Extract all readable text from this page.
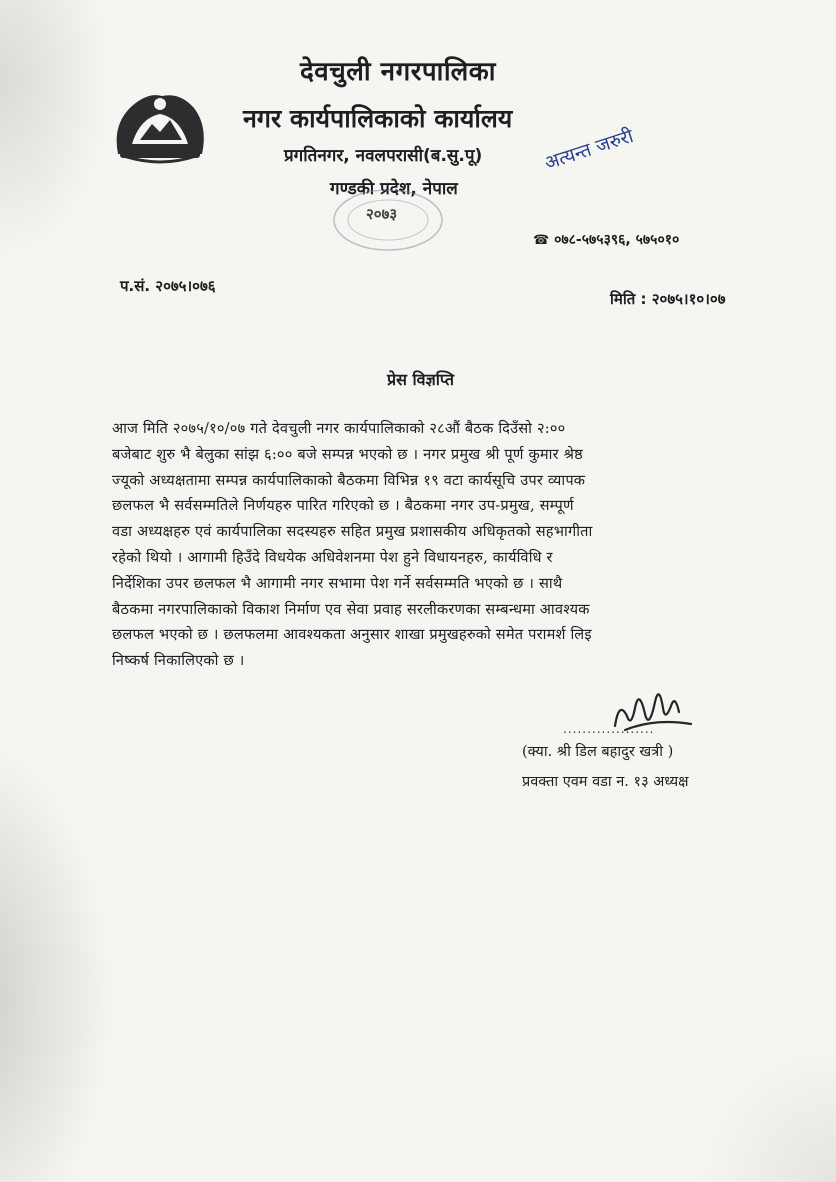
देवचुली नगरपालिका
नगर कार्यपालिकाको कार्यालय
प्रगतिनगर, नवलपरासी(ब.सु.पू)
गण्डकी प्रदेश, नेपाल
२०७३
अत्यन्त जरुरी
☎ ०७८-५७५३९६, ५७५०१०
प.सं. २०७५।०७६
मिति : २०७५।१०।०७
प्रेस विज्ञप्ति
आज मिति २०७५/१०/०७ गते देवचुली नगर कार्यपालिकाको २८औं बैठक दिउँसो २:००
बजेबाट शुरु भै बेलुका सांझ ६:०० बजे सम्पन्न भएको छ । नगर प्रमुख श्री पूर्ण कुमार श्रेष्ठ
ज्यूको अध्यक्षतामा सम्पन्न कार्यपालिकाको बैठकमा विभिन्न १९ वटा कार्यसूचि उपर व्यापक
छलफल भै सर्वसम्मतिले निर्णयहरु पारित गरिएको छ । बैठकमा नगर उप-प्रमुख, सम्पूर्ण
वडा अध्यक्षहरु एवं कार्यपालिका सदस्यहरु सहित प्रमुख प्रशासकीय अधिकृतको सहभागीता
रहेको थियो । आगामी हिउँदे विधयेक अधिवेशनमा पेश हुने विधायनहरु, कार्यविधि र
निर्देशिका उपर छलफल भै आगामी नगर सभामा पेश गर्ने सर्वसम्मति भएको छ । साथै
बैठकमा नगरपालिकाको विकाश निर्माण एव सेवा प्रवाह सरलीकरणका सम्बन्धमा आवश्यक
छलफल भएको छ । छलफलमा आवश्यकता अनुसार शाखा प्रमुखहरुको समेत परामर्श लिइ
निष्कर्ष निकालिएको छ ।
...................
(क्या. श्री डिल बहादुर खत्री )
प्रवक्ता एवम वडा न. १३ अध्यक्ष
